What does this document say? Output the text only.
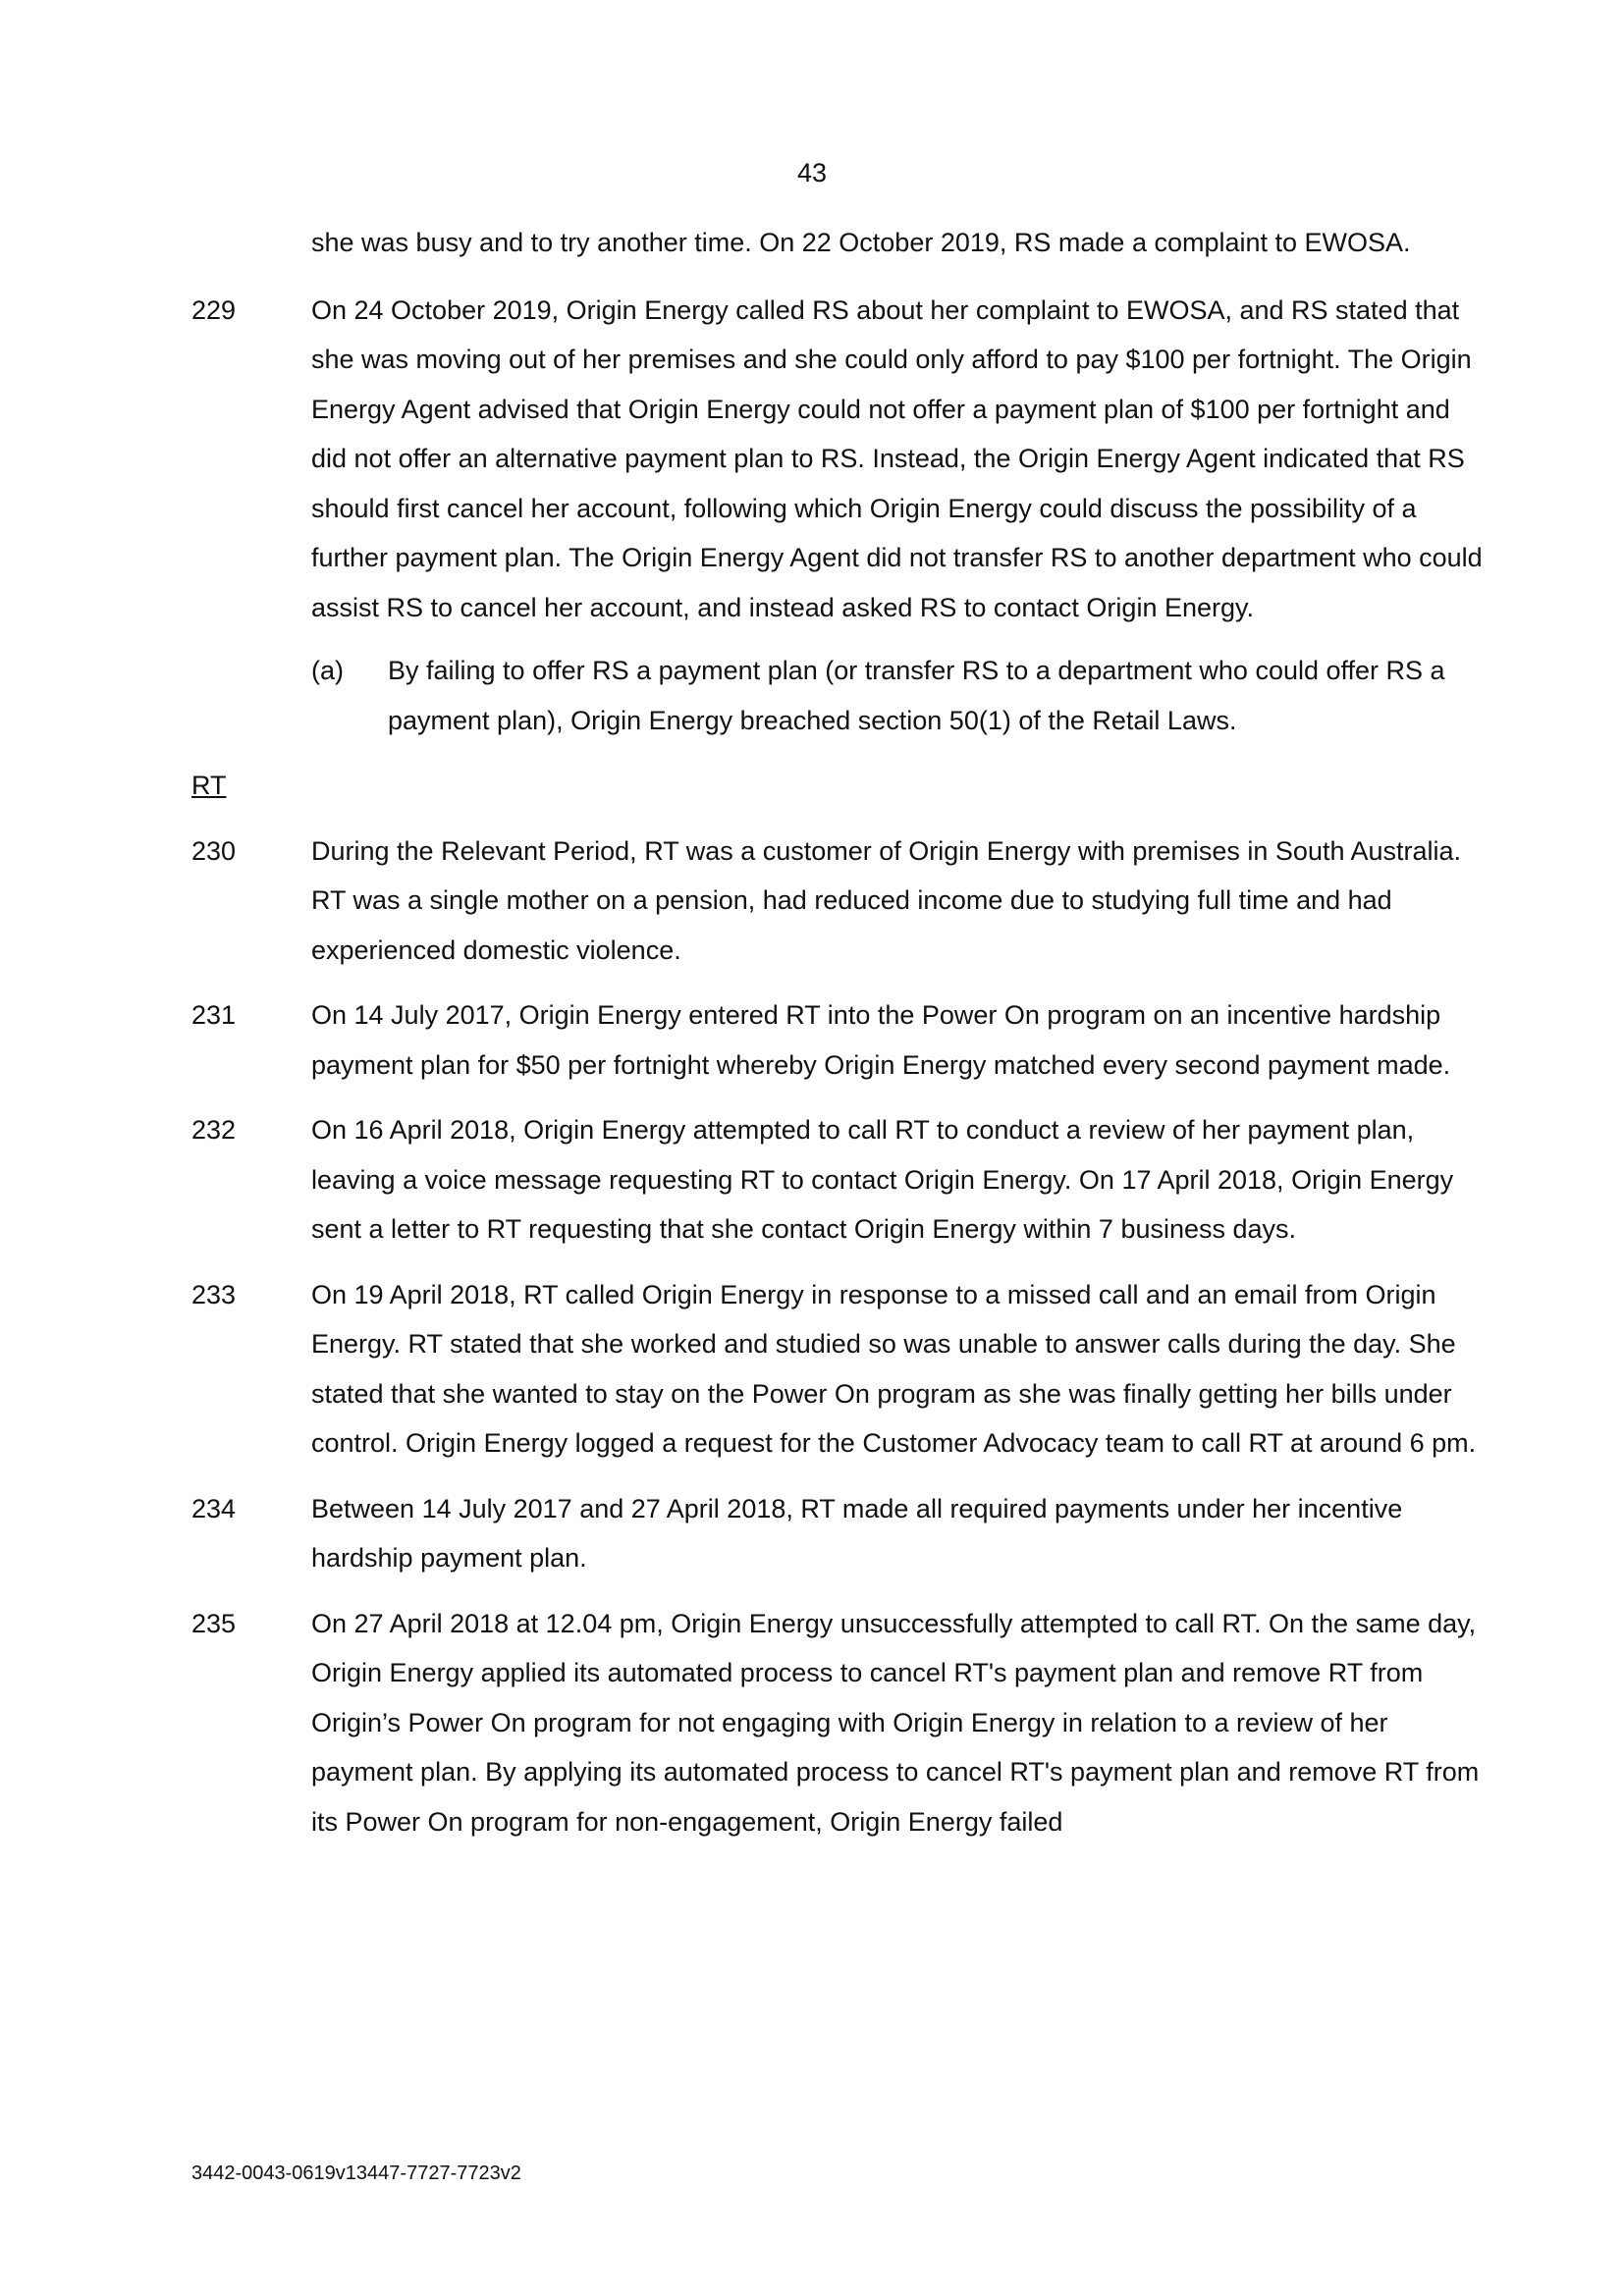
43
she was busy and to try another time. On 22 October 2019, RS made a complaint to EWOSA.
229	On 24 October 2019, Origin Energy called RS about her complaint to EWOSA, and RS stated that she was moving out of her premises and she could only afford to pay $100 per fortnight. The Origin Energy Agent advised that Origin Energy could not offer a payment plan of $100 per fortnight and did not offer an alternative payment plan to RS. Instead, the Origin Energy Agent indicated that RS should first cancel her account, following which Origin Energy could discuss the possibility of a further payment plan. The Origin Energy Agent did not transfer RS to another department who could assist RS to cancel her account, and instead asked RS to contact Origin Energy.
(a) By failing to offer RS a payment plan (or transfer RS to a department who could offer RS a payment plan), Origin Energy breached section 50(1) of the Retail Laws.
RT
230	During the Relevant Period, RT was a customer of Origin Energy with premises in South Australia. RT was a single mother on a pension, had reduced income due to studying full time and had experienced domestic violence.
231	On 14 July 2017, Origin Energy entered RT into the Power On program on an incentive hardship payment plan for $50 per fortnight whereby Origin Energy matched every second payment made.
232	On 16 April 2018, Origin Energy attempted to call RT to conduct a review of her payment plan, leaving a voice message requesting RT to contact Origin Energy. On 17 April 2018, Origin Energy sent a letter to RT requesting that she contact Origin Energy within 7 business days.
233	On 19 April 2018, RT called Origin Energy in response to a missed call and an email from Origin Energy. RT stated that she worked and studied so was unable to answer calls during the day. She stated that she wanted to stay on the Power On program as she was finally getting her bills under control. Origin Energy logged a request for the Customer Advocacy team to call RT at around 6 pm.
234	Between 14 July 2017 and 27 April 2018, RT made all required payments under her incentive hardship payment plan.
235	On 27 April 2018 at 12.04 pm, Origin Energy unsuccessfully attempted to call RT. On the same day, Origin Energy applied its automated process to cancel RT's payment plan and remove RT from Origin’s Power On program for not engaging with Origin Energy in relation to a review of her payment plan. By applying its automated process to cancel RT's payment plan and remove RT from its Power On program for non-engagement, Origin Energy failed
3442-0043-0619v13447-7727-7723v2
